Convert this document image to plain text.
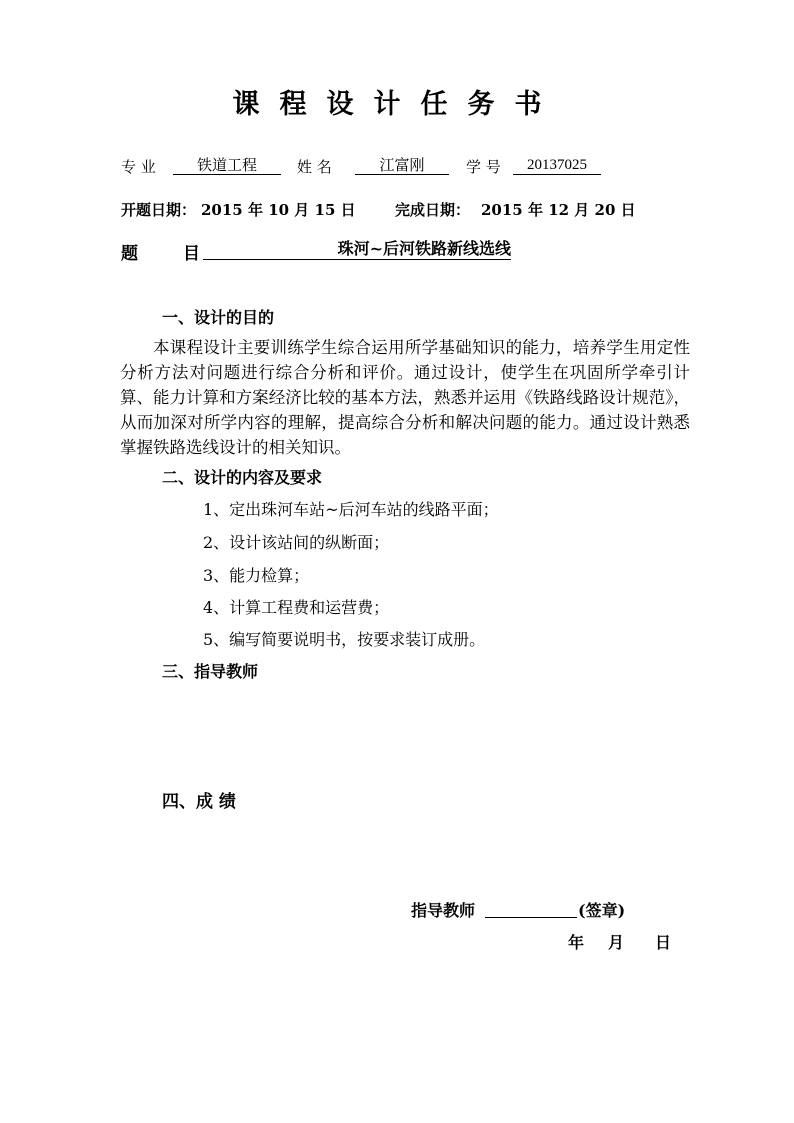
课程设计任务书
专 业	铁道工程	姓 名	江富刚	学 号	20137025
开题日期： 2015 年 10 月 15 日	完成日期： 2015 年 12 月 20 日
题	目	珠河~后河铁路新线选线
一、设计的目的
本课程设计主要训练学生综合运用所学基础知识的能力，培养学生用定性分析方法对问题进行综合分析和评价。通过设计，使学生在巩固所学牵引计算、能力计算和方案经济比较的基本方法，熟悉并运用《铁路线路设计规范》，从而加深对所学内容的理解，提高综合分析和解决问题的能力。通过设计熟悉掌握铁路选线设计的相关知识。
二、设计的内容及要求
1、定出珠河车站~后河车站的线路平面；
2、设计该站间的纵断面；
3、能力检算；
4、计算工程费和运营费；
5、编写简要说明书，按要求装订成册。
三、指导教师
四、成 绩
指导教师	(签章)
年 月 日
